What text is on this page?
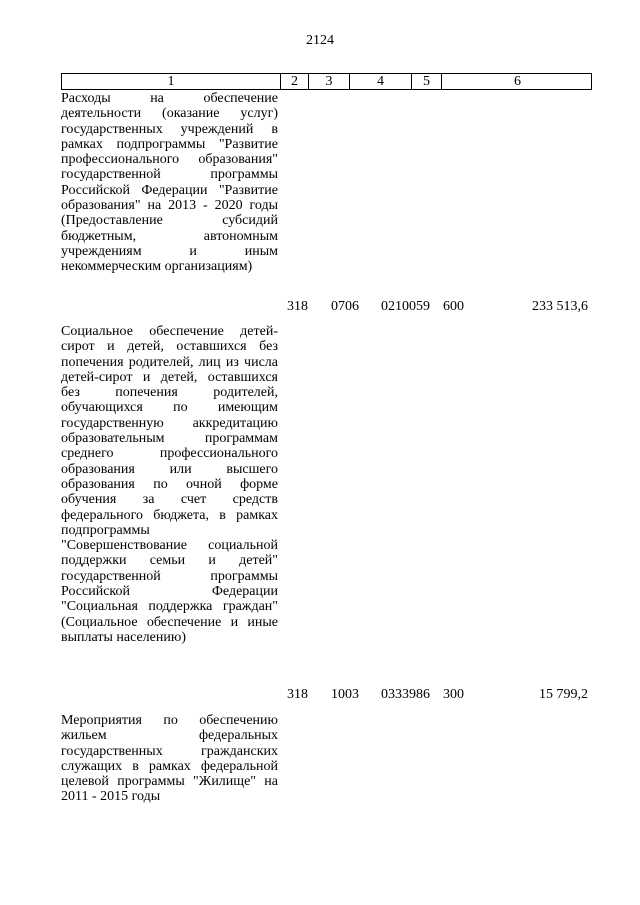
2124
1	2	3	4	5	6
Расходы на обеспечение деятельности (оказание услуг) государственных учреждений в рамках подпрограммы "Развитие профессионального образования" государственной программы Российской Федерации "Развитие образования" на 2013 - 2020 годы (Предоставление субсидий бюджетным, автономным учреждениям и иным некоммерческим организациям)
318 0706 0210059 600	233 513,6
Социальное обеспечение детей-сирот и детей, оставшихся без попечения родителей, лиц из числа детей-сирот и детей, оставшихся без попечения родителей, обучающихся по имеющим государственную аккредитацию образовательным программам среднего профессионального образования или высшего образования по очной форме обучения за счет средств федерального бюджета, в рамках подпрограммы "Совершенствование социальной поддержки семьи и детей" государственной программы Российской Федерации "Социальная поддержка граждан" (Социальное обеспечение и иные выплаты населению)
318 1003 0333986 300	15 799,2
Мероприятия по обеспечению жильем федеральных государственных гражданских служащих в рамках федеральной целевой программы "Жилище" на 2011 - 2015 годы
